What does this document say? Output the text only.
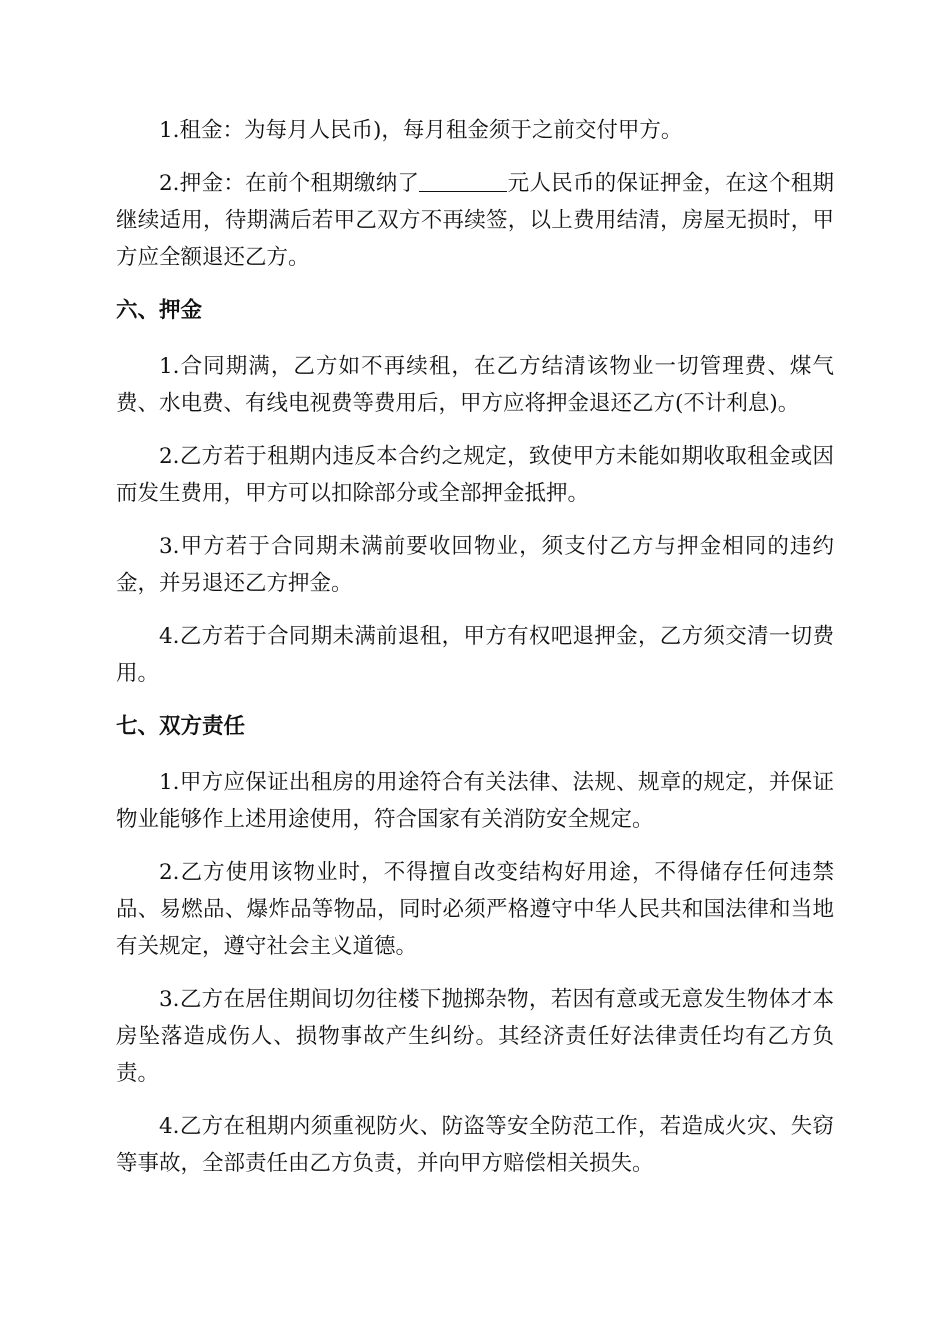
1.租金：为每月人民币)，每月租金须于之前交付甲方。

2.押金：在前个租期缴纳了	元人民币的保证押金，在这个租期继续适用，待期满后若甲乙双方不再续签，以上费用结清，房屋无损时，甲方应全额退还乙方。

六、押金

1.合同期满，乙方如不再续租，在乙方结清该物业一切管理费、煤气费、水电费、有线电视费等费用后，甲方应将押金退还乙方(不计利息)。

2.乙方若于租期内违反本合约之规定，致使甲方未能如期收取租金或因而发生费用，甲方可以扣除部分或全部押金抵押。

3.甲方若于合同期未满前要收回物业，须支付乙方与押金相同的违约金，并另退还乙方押金。

4.乙方若于合同期未满前退租，甲方有权吧退押金，乙方须交清一切费用。

七、双方责任

1.甲方应保证出租房的用途符合有关法律、法规、规章的规定，并保证物业能够作上述用途使用，符合国家有关消防安全规定。

2.乙方使用该物业时，不得擅自改变结构好用途，不得储存任何违禁品、易燃品、爆炸品等物品，同时必须严格遵守中华人民共和国法律和当地有关规定，遵守社会主义道德。

3.乙方在居住期间切勿往楼下抛掷杂物，若因有意或无意发生物体才本房坠落造成伤人、损物事故产生纠纷。其经济责任好法律责任均有乙方负责。

4.乙方在租期内须重视防火、防盗等安全防范工作，若造成火灾、失窃等事故，全部责任由乙方负责，并向甲方赔偿相关损失。
